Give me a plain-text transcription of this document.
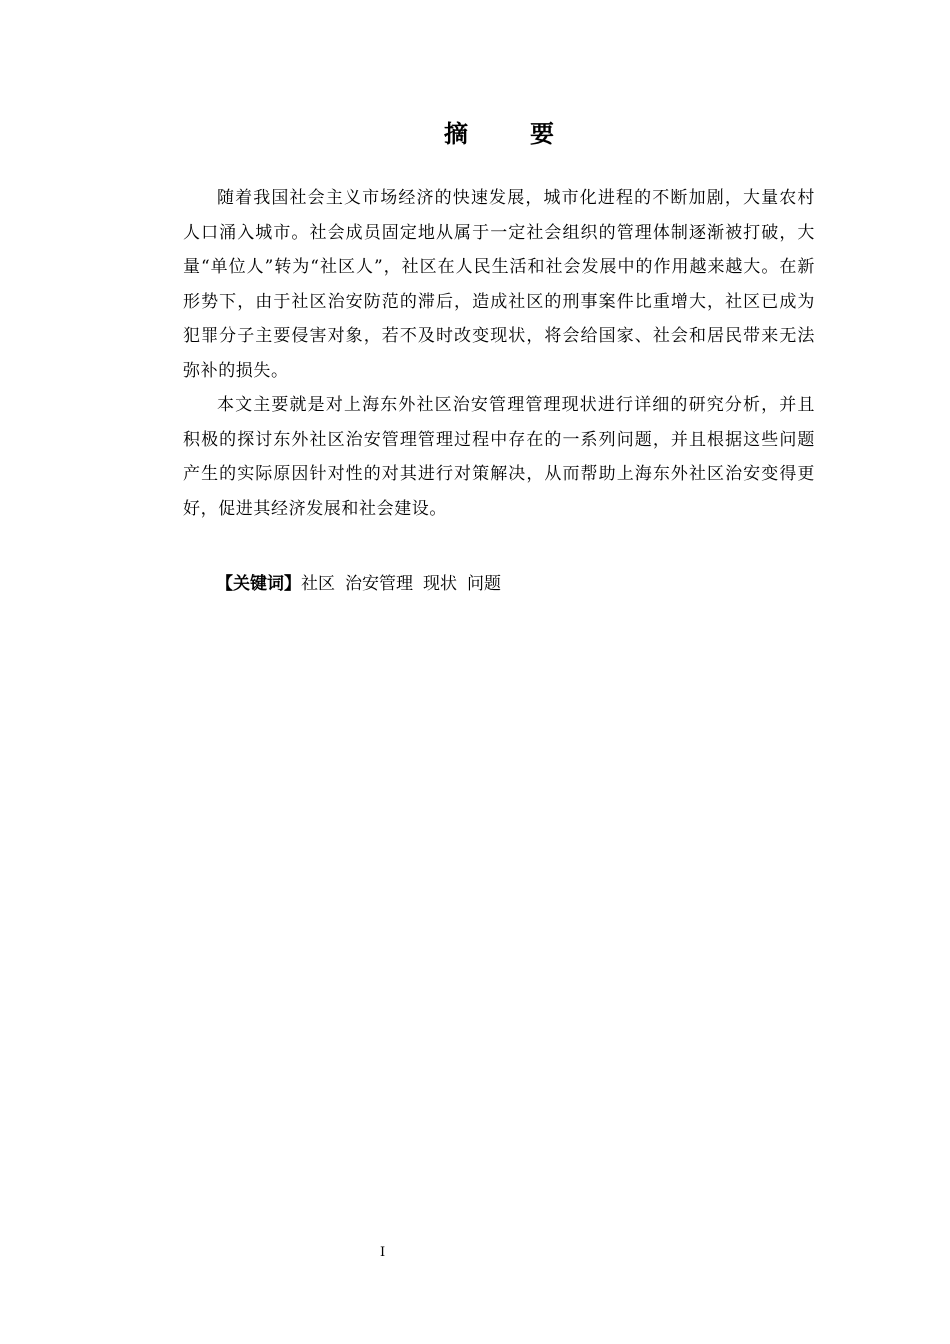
摘	要

随着我国社会主义市场经济的快速发展，城市化进程的不断加剧，大量农村人口涌入城市。社会成员固定地从属于一定社会组织的管理体制逐渐被打破，大量“单位人”转为“社区人”，社区在人民生活和社会发展中的作用越来越大。在新形势下，由于社区治安防范的滞后，造成社区的刑事案件比重增大，社区已成为犯罪分子主要侵害对象，若不及时改变现状，将会给国家、社会和居民带来无法弥补的损失。

本文主要就是对上海东外社区治安管理管理现状进行详细的研究分析，并且积极的探讨东外社区治安管理管理过程中存在的一系列问题，并且根据这些问题产生的实际原因针对性的对其进行对策解决，从而帮助上海东外社区治安变得更好，促进其经济发展和社会建设。

【关键词】社区 治安管理 现状 问题
I
